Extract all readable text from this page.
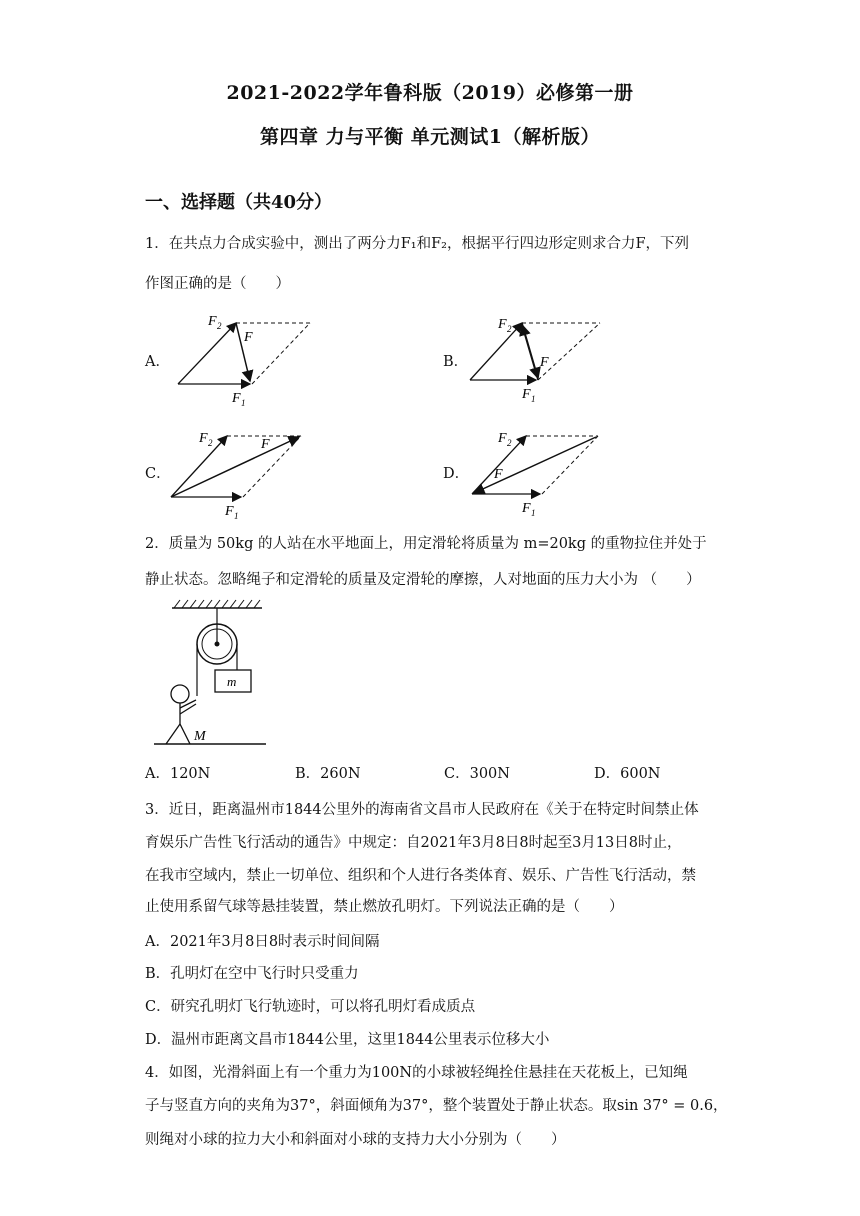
2021-2022学年鲁科版（2019）必修第一册
第四章 力与平衡 单元测试1（解析版）
一、选择题（共40分）
1．在共点力合成实验中，测出了两分力F₁和F₂，根据平行四边形定则求合力F，下列
作图正确的是（　　）
A．	B．
C．	D．
F 2
F
F 1
F 2
F
F 1
F 2	F
F 1
F 2
F
F 1
2．质量为 50kg 的人站在水平地面上，用定滑轮将质量为 m=20kg 的重物拉住并处于
静止状态。忽略绳子和定滑轮的质量及定滑轮的摩擦，人对地面的压力大小为 （　　）
m
M
A．120N	B．260N	C．300N	D．600N
3．近日，距离温州市1844公里外的海南省文昌市人民政府在《关于在特定时间禁止体
育娱乐广告性飞行活动的通告》中规定：自2021年3月8日8时起至3月13日8时止，
在我市空域内，禁止一切单位、组织和个人进行各类体育、娱乐、广告性飞行活动，禁
止使用系留气球等悬挂装置，禁止燃放孔明灯。下列说法正确的是（　　）
A．2021年3月8日8时表示时间间隔
B．孔明灯在空中飞行时只受重力
C．研究孔明灯飞行轨迹时，可以将孔明灯看成质点
D．温州市距离文昌市1844公里，这里1844公里表示位移大小
4．如图，光滑斜面上有一个重力为100N的小球被轻绳拴住悬挂在天花板上，已知绳
子与竖直方向的夹角为37°，斜面倾角为37°，整个装置处于静止状态。取sin 37° = 0.6，
则绳对小球的拉力大小和斜面对小球的支持力大小分别为（　　）
